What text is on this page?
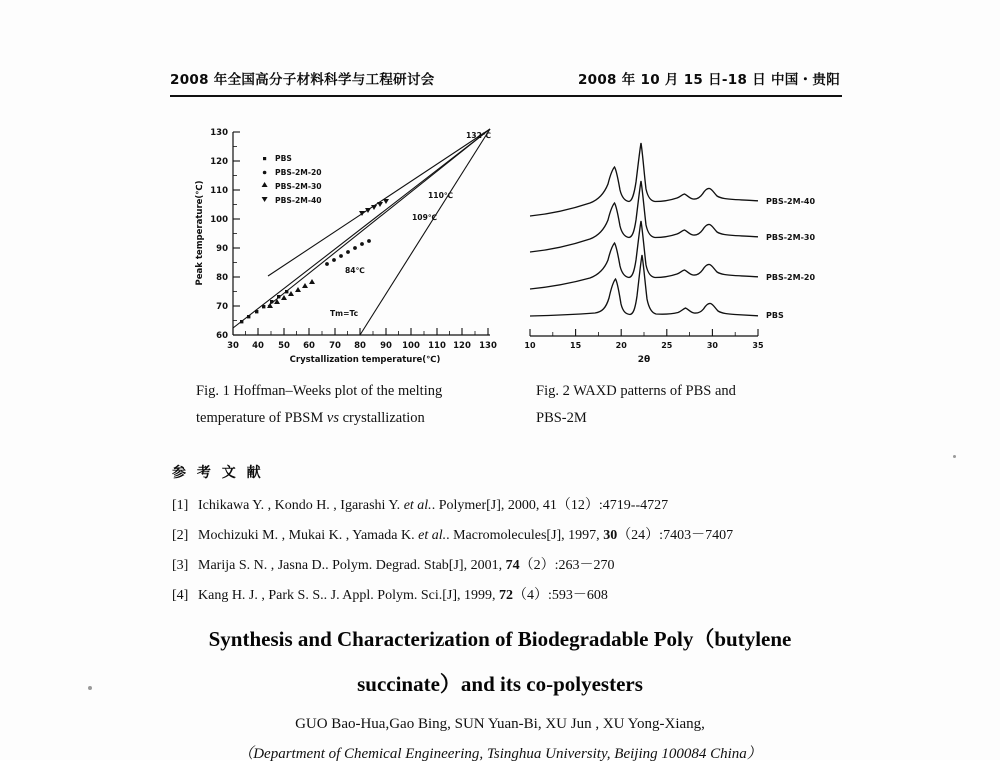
2008 年全国高分子材料科学与工程研讨会	2008 年 10 月 15 日-18 日 中国・贵阳
30 40 50 60 70 80 90 100 110 120 130
60
70
80
90
100
110
120
130
Crystallization temperature(℃)
Peak temperature(℃)
PBS
PBS-2M-20
PBS-2M-30
PBS-2M-40
132℃
110℃
109℃
84℃
Tm=Tc
10	15	20	25	30	35
2θ
PBS-2M-40
PBS-2M-30
PBS-2M-20
PBS
Fig. 1 Hoffman–Weeks plot of the melting
temperature of PBSM vs crystallization
Fig. 2 WAXD patterns of PBS and
PBS-2M
参 考 文 献
[1] Ichikawa Y. , Kondo H. , Igarashi Y. et al.. Polymer[J], 2000, 41（12）:4719--4727
[2] Mochizuki M. , Mukai K. , Yamada K. et al.. Macromolecules[J], 1997, 30（24）:7403－7407
[3] Marija S. N. , Jasna D.. Polym. Degrad. Stab[J], 2001, 74（2）:263－270
[4] Kang H. J. , Park S. S.. J. Appl. Polym. Sci.[J], 1999, 72（4）:593－608
Synthesis and Characterization of Biodegradable Poly（butylene
succinate）and its co-polyesters
GUO Bao-Hua,Gao Bing, SUN Yuan-Bi, XU Jun , XU Yong-Xiang,
（Department of Chemical Engineering, Tsinghua University, Beijing 100084 China）
